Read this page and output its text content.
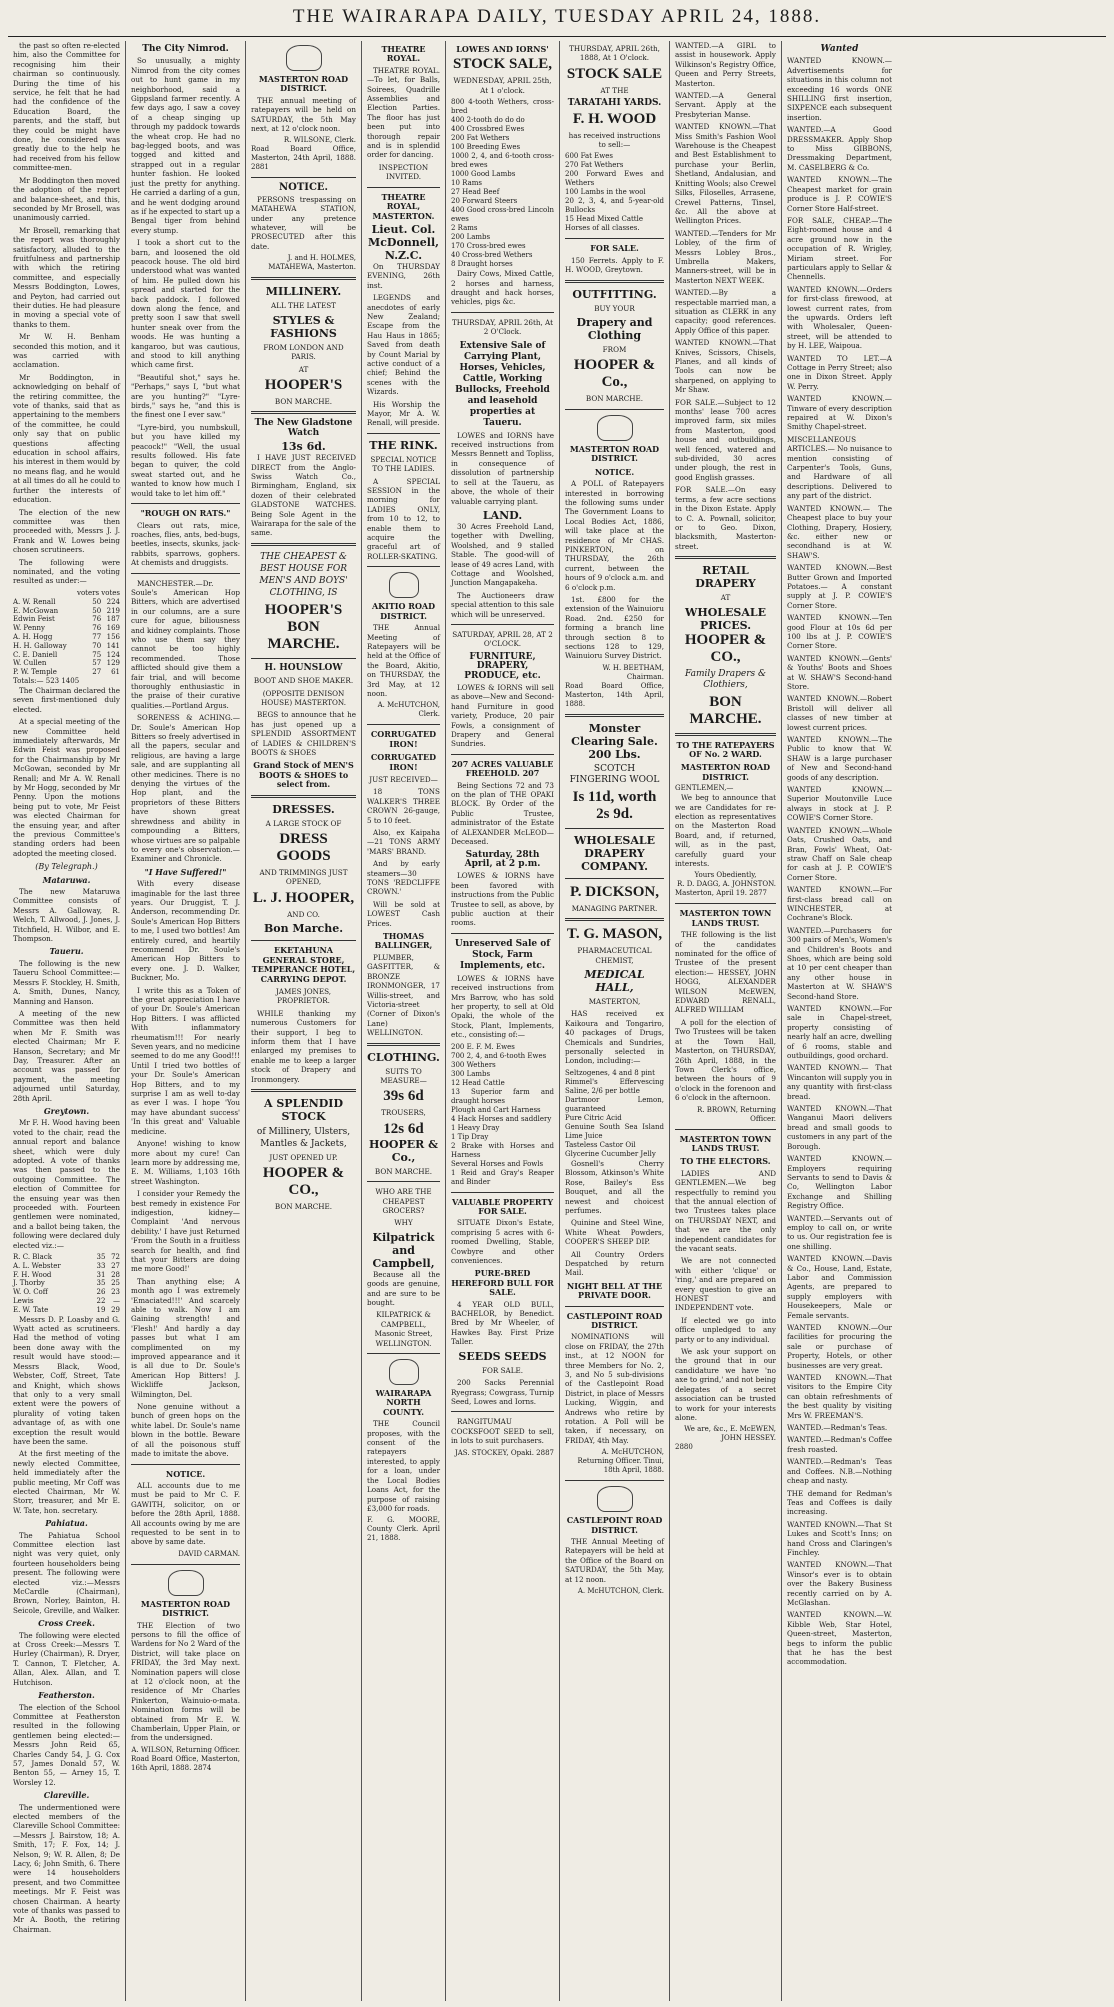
THE WAIRARAPA DAILY, TUESDAY APRIL 24, 1888.

the past so often re-elected him, also the Committee for recognising him their chairman so continuously. During the time of his service, he felt that he had had the confidence of the Education Board, the parents, and the staff, but they could be might have done, he considered was greatly due to the help he had received from his fellow committee-men.

Mr Boddington then moved the adoption of the report and balance-sheet, and this, seconded by Mr Brosell, was unanimously carried.

Mr Brosell, remarking that the report was thoroughly satisfactory, alluded to the fruitfulness and partnership with which the retiring committee, and especially Messrs Boddington, Lowes, and Peyton, had carried out their duties. He had pleasure in moving a special vote of thanks to them.

Mr W. H. Benham seconded this motion, and it was carried with acclamation.

Mr Boddington, in acknowledging on behalf of the retiring committee, the vote of thanks, said that as appertaining to the members of the committee, he could only say that on public questions affecting education in school affairs, his interest in them would by no means flag, and he would at all times do all he could to further the interests of education.

The election of the new committee was then proceeded with, Messrs J. J. Frank and W. Lowes being chosen scrutineers.

The following were nominated, and the voting resulted as under:—

voters votes
A. W. Renall	50	224
E. McGowan	50	219
Edwin Feist	76	187
W. Penny	76	169
A. H. Hogg	77	156
H. H. Galloway	70	141
C. E. Daniell	75	124
W. Cullen	57	129
P. W. Temple	27	61
Totals:— 523 1405

The Chairman declared the seven first-mentioned duly elected.

At a special meeting of the new Committee held immediately afterwards, Mr Edwin Feist was proposed for the Chairmanship by Mr McGowan, seconded by Mr Renall; and Mr A. W. Renall by Mr Hogg, seconded by Mr Penny. Upon the motions being put to vote, Mr Feist was elected Chairman for the ensuing year, and after the previous Committee's standing orders had been adopted the meeting closed.

(By Telegraph.)
Mataruwa.

The new Mataruwa Committee consists of Messrs A. Galloway, R. Welch, T. Allwood, J. Jones, J. Titchfield, H. Wilbor, and E. Thompson.

Taueru.

The following is the new Taueru School Committee:—Messrs F. Stockley, H. Smith, A. Smith, Dunes, Nancy, Manning and Hanson.

A meeting of the new Committee was then held when Mr F. Smith was elected Chairman; Mr F. Hanson, Secretary; and Mr Day, Treasurer. After an account was passed for payment, the meeting adjourned until Saturday, 28th April.

Greytown.

Mr F. H. Wood having been voted to the chair, read the annual report and balance sheet, which were duly adopted. A vote of thanks was then passed to the outgoing Committee. The election of Committee for the ensuing year was then proceeded with. Fourteen gentlemen were nominated, and a ballot being taken, the following were declared duly elected viz.:—

R. C. Black	35	72
A. L. Webster	33	27
F. H. Wood	31	28
J. Thorby	35	25
W. O. Coff	26	23
Lewis	22	—
E. W. Tate	19	29

Messrs D. P. Loasby and G. Wyatt acted as scrutineers. Had the method of voting been done away with the result would have stood:—Messrs Black, Wood, Webster, Coff, Street, Tate and Knight, which shows that only to a very small extent were the powers of plurality of voting taken advantage of, as with one exception the result would have been the same.

At the first meeting of the newly elected Committee, held immediately after the public meeting, Mr Coff was elected Chairman, Mr W. Storr, treasurer, and Mr E. W. Tate, hon. secretary.

Pahiatua.

The Pahiatua School Committee election last night was very quiet, only fourteen householders being present. The following were elected viz.:—Messrs McCardle (Chairman), Brown, Norley, Bainton, H. Seicole, Greville, and Walker.

Cross Creek.

The following were elected at Cross Creek:—Messrs T. Hurley (Chairman), R. Dryer, T. Cannon, T. Fletcher, A. Allan, Alex. Allan, and T. Hutchison.

Featherston.

The election of the School Committee at Featherston resulted in the following gentlemen being elected:—Messrs John Reid 65, Charles Candy 54, J. G. Cox 57, James Donald 57, W. Benton 55, — Arney 15, T. Worsley 12.

Clareville.

The undermentioned were elected members of the Clareville School Committee:—Messrs J. Bairstow, 18; A. Smith, 17; F. Fox, 14; J. Nelson, 9; W. R. Allen, 8; De Lacy, 6; John Smith, 6. There were 14 householders present, and two Committee meetings. Mr F. Feist was chosen Chairman. A hearty vote of thanks was passed to Mr A. Booth, the retiring Chairman.

The City Nimrod.

So unusually, a mighty Nimrod from the city comes out to hunt game in my neighborhood, said a Gippsland farmer recently. A few days ago, I saw a covey of a cheap singing up through my paddock towards the wheat crop. He had no bag-legged boots, and was togged and kitted and strapped out in a regular hunter fashion. He looked just the pretty for anything. He carried a darling of a gun, and he went dodging around as if he expected to start up a Bengal tiger from behind every stump.

I took a short cut to the barn, and loosened the old peacock house. The old bird understood what was wanted of him. He pulled down his spread and started for the back paddock. I followed down along the fence, and pretty soon I saw that swell hunter sneak over from the woods. He was hunting a kangaroo, but was cautious, and stood to kill anything which came first.

"Beautiful shot," says he. "Perhaps," says I, "but what are you hunting?" "Lyre-birds," says he, "and this is the finest one I ever saw."

"Lyre-bird, you numbskull, but you have killed my peacock!" "Well, the usual results followed. His fate began to quiver, the cold sweat started out, and he wanted to know how much I would take to let him off."

"ROUGH ON RATS."

Clears out rats, mice, roaches, flies, ants, bed-bugs, beetles, insects, skunks, jack-rabbits, sparrows, gophers. At chemists and druggists.

MANCHESTER.—Dr. Soule's American Hop Bitters, which are advertised in our columns, are a sure cure for ague, biliousness and kidney complaints. Those who use them say they cannot be too highly recommended. Those afflicted should give them a fair trial, and will become thoroughly enthusiastic in the praise of their curative qualities.—Portland Argus.

SORENESS & ACHING.—Dr. Soule's American Hop Bitters so freely advertised in all the papers, secular and religious, are having a large sale, and are supplanting all other medicines. There is no denying the virtues of the Hop plant, and the proprietors of these Bitters have shown great shrewdness and ability in compounding a Bitters, whose virtues are so palpable to every one's observation.—Examiner and Chronicle.

"I Have Suffered!"

With every disease imaginable for the last three years. Our Druggist, T. J. Anderson, recommending Dr. Soule's American Hop Bitters to me, I used two bottles! Am entirely cured, and heartily recommend Dr. Soule's American Hop Bitters to every one. J. D. Walker, Buckner, Mo.

I write this as a Token of the great appreciation I have of your Dr. Soule's American Hop Bitters. I was afflicted With inflammatory rheumatism!!! For nearly Seven years, and no medicine seemed to do me any Good!!! Until I tried two bottles of your Dr. Soule's American Hop Bitters, and to my surprise I am as well to-day as ever I was. I hope 'You may have abundant success' 'In this great and' Valuable medicine.

Anyone! wishing to know more about my cure! Can learn more by addressing me, E. M. Williams, 1,103 16th street Washington.

I consider your Remedy the best remedy in existence For indigestion, kidney—Complaint 'And nervous debility.' I have just Returned 'From the South in a fruitless search for health, and find that your Bitters are doing me more Good!'

Than anything else; A month ago I was extremely 'Emaciated!!!' And scarcely able to walk. Now I am Gaining strength! and 'Flesh!' And hardly a day passes but what I am complimented on my improved appearance and it is all due to Dr. Soule's American Hop Bitters! J. Wickliffe Jackson, Wilmington, Del.

None genuine without a bunch of green hops on the white label. Dr. Soule's name blown in the bottle. Beware of all the poisonous stuff made to imitate the above.

NOTICE.

ALL accounts due to me must be paid to Mr C. F. GAWITH, solicitor, on or before the 28th April, 1888. All accounts owing by me are requested to be sent in to above by same date.

DAVID CARMAN.
MASTERTON ROAD DISTRICT.

THE Election of two persons to fill the office of Wardens for No 2 Ward of the District, will take place on FRIDAY, the 3rd May next. Nomination papers will close at 12 o'clock noon, at the residence of Mr Charles Pinkerton, Wainuio-o-mata. Nomination forms will be obtained from Mr E. W. Chamberlain, Upper Plain, or from the undersigned.

A. WILSON, Returning Officer.
Road Board Office, Masterton, 16th April, 1888. 2874
MASTERTON ROAD DISTRICT.

THE annual meeting of ratepayers will be held on SATURDAY, the 5th May next, at 12 o'clock noon.

R. WILSONE, Clerk.
Road Board Office, Masterton, 24th April, 1888. 2881
NOTICE.

PERSONS trespassing on MATAHEWA STATION, under any pretence whatever, will be PROSECUTED after this date.

J. and H. HOLMES, MATAHEWA, Masterton.
MILLINERY.
ALL THE LATEST
STYLES & FASHIONS
FROM LONDON AND PARIS.
AT
HOOPER'S
BON MARCHE.
The New Gladstone Watch
13s 6d.

I HAVE JUST RECEIVED DIRECT from the Anglo-Swiss Watch Co., Birmingham, England, six dozen of their celebrated GLADSTONE WATCHES. Being Sole Agent in the Wairarapa for the sale of the same.

THE CHEAPEST & BEST HOUSE FOR MEN'S AND BOYS' CLOTHING, IS
HOOPER'S BON MARCHE.
H. HOUNSLOW
BOOT AND SHOE MAKER.
(OPPOSITE DENISON HOUSE) MASTERTON.

BEGS to announce that he has just opened up a SPLENDID ASSORTMENT of LADIES & CHILDREN'S BOOTS & SHOES

Grand Stock of MEN'S BOOTS & SHOES to select from.
DRESSES.
A LARGE STOCK OF
DRESS GOODS
AND TRIMMINGS JUST OPENED,
L. J. HOOPER,
AND CO.
Bon Marche.
EKETAHUNA GENERAL STORE, TEMPERANCE HOTEL, CARRYING DEPOT.
JAMES JONES, PROPRIETOR.

WHILE thanking my numerous Customers for their support, I beg to inform them that I have enlarged my premises to enable me to keep a larger stock of Drapery and Ironmongery.

A SPLENDID STOCK
of Millinery, Ulsters, Mantles & Jackets,
JUST OPENED UP.
HOOPER & CO.,
BON MARCHE.
THEATRE ROYAL.

THEATRE ROYAL.—To let, for Balls, Soirees, Quadrille Assemblies and Election Parties. The floor has just been put into thorough repair and is in splendid order for dancing.

INSPECTION INVITED.
THEATRE ROYAL, MASTERTON.
Lieut. Col. McDonnell, N.Z.C.

On THURSDAY EVENING, 26th inst.

LEGENDS and anecdotes of early New Zealand; Escape from the Hau Haus in 1865; Saved from death by Count Marial by active conduct of a chief; Behind the scenes with the Wizards.

His Worship the Mayor, Mr A. W. Renall, will preside.

THE RINK.
SPECIAL NOTICE TO THE LADIES.

A SPECIAL SESSION in the morning for LADIES ONLY, from 10 to 12, to enable them to acquire the graceful art of ROLLER-SKATING.

AKITIO ROAD DISTRICT.

THE Annual Meeting of Ratepayers will be held at the Office of the Board, Akitio, on THURSDAY, the 3rd May, at 12 noon.

A. McHUTCHON, Clerk.
CORRUGATED IRON!
CORRUGATED IRON!
JUST RECEIVED—

18 TONS WALKER'S THREE CROWN 26-gauge, 5 to 10 feet.

Also, ex Kaipaha—21 TONS ARMY 'MARS' BRAND.

And by early steamers—30 TONS 'REDCLIFFE CROWN.'

Will be sold at LOWEST Cash Prices.

THOMAS BALLINGER,

PLUMBER, GASFITTER, & BRONZE IRONMONGER, 17 Willis-street, and Victoria-street (Corner of Dixon's Lane) WELLINGTON.

CLOTHING.
SUITS TO MEASURE—
39s 6d
TROUSERS,
12s 6d
HOOPER & Co.,
BON MARCHE.
WHO ARE THE CHEAPEST GROCERS?
WHY
Kilpatrick and Campbell,

Because all the goods are genuine, and are sure to be bought.

KILPATRICK & CAMPBELL, Masonic Street, WELLINGTON.
WAIRARAPA NORTH COUNTY.

THE Council proposes, with the consent of the ratepayers interested, to apply for a loan, under the Local Bodies Loans Act, for the purpose of raising £3,000 for roads.

F. G. MOORE, County Clerk. April 21, 1888.
LOWES AND IORNS'
STOCK SALE,
WEDNESDAY, APRIL 25th, At 1 o'clock.
800 4-tooth Wethers, cross-bred
400 2-tooth do do do
400 Crossbred Ewes
200 Fat Wethers
100 Breeding Ewes
1000 2, 4, and 6-tooth cross-bred ewes
1000 Good Lambs
10 Rams
27 Head Beef
20 Forward Steers
400 Good cross-bred Lincoln ewes
2 Rams
200 Lambs
170 Cross-bred ewes
40 Cross-bred Wethers
8 Draught horses

Dairy Cows, Mixed Cattle, 2 horses and harness, draught and hack horses, vehicles, pigs &c.

THURSDAY, APRIL 26th, At 2 O'Clock.
Extensive Sale of Carrying Plant, Horses, Vehicles, Cattle, Working Bullocks, Freehold and leasehold properties at Taueru.

LOWES and IORNS have received instructions from Messrs Bennett and Topliss, in consequence of dissolution of partnership to sell at the Taueru, as above, the whole of their valuable carrying plant.

LAND.

30 Acres Freehold Land, together with Dwelling, Woolshed, and 9 stalled Stable. The good-will of lease of 49 acres Land, with Cottage and Woolshed, Junction Mangapakeha.

The Auctioneers draw special attention to this sale which will be unreserved.

SATURDAY, APRIL 28, AT 2 O'CLOCK.
FURNITURE, DRAPERY, PRODUCE, etc.

LOWES & IORNS will sell as above—New and Second-hand Furniture in good variety, Produce, 20 pair Fowls, a consignment of Drapery and General Sundries.

207 ACRES VALUABLE FREEHOLD. 207

Being Sections 72 and 73 on the plan of THE OPAKI BLOCK. By Order of the Public Trustee, administrator of the Estate of ALEXANDER McLEOD—Deceased.

Saturday, 28th April, at 2 p.m.

LOWES & IORNS have been favored with instructions from the Public Trustee to sell, as above, by public auction at their rooms.

Unreserved Sale of Stock, Farm Implements, etc.

LOWES & IORNS have received instructions from Mrs Barrow, who has sold her property, to sell at Old Opaki, the whole of the Stock, Plant, Implements, etc., consisting of:—

200 E. F. M. Ewes
700 2, 4, and 6-tooth Ewes
300 Wethers
300 Lambs
12 Head Cattle
13 Superior farm and draught horses
Plough and Cart Harness
4 Hack Horses and saddlery
1 Heavy Dray
1 Tip Dray
2 Brake with Horses and Harness
Several Horses and Fowls
1 Reid and Gray's Reaper and Binder
VALUABLE PROPERTY FOR SALE.

SITUATE Dixon's Estate, comprising 5 acres with 6-roomed Dwelling, Stable, Cowbyre and other conveniences.

PURE-BRED HEREFORD BULL FOR SALE.

4 YEAR OLD BULL, BACHELOR, by Benedict. Bred by Mr Wheeler, of Hawkes Bay. First Prize Taller.

SEEDS SEEDS
FOR SALE.

200 Sacks Perennial Ryegrass; Cowgrass, Turnip Seed, Lowes and Iorns.

RANGITUMAU COCKSFOOT SEED to sell, in lots to suit purchasers.

JAS. STOCKEY, Opaki. 2887
THURSDAY, APRIL 26th, 1888, At 1 O'clock.
STOCK SALE
AT THE
TARATAHI YARDS.
F. H. WOOD
has received instructions to sell:—
600 Fat Ewes
270 Fat Wethers
200 Forward Ewes and Wethers
100 Lambs in the wool
20 2, 3, 4, and 5-year-old Bullocks
15 Head Mixed Cattle
Horses of all classes.
FOR SALE.

150 Ferrets. Apply to F. H. WOOD, Greytown.

OUTFITTING.
BUY YOUR
Drapery and Clothing
FROM
HOOPER & Co.,
BON MARCHE.
MASTERTON ROAD DISTRICT.
NOTICE.

A POLL of Ratepayers interested in borrowing the following sums under The Government Loans to Local Bodies Act, 1886, will take place at the residence of Mr CHAS. PINKERTON, on THURSDAY, the 26th current, between the hours of 9 o'clock a.m. and 6 o'clock p.m.

1st. £800 for the extension of the Wainuioru Road. 2nd. £250 for forming a branch line through section 8 to sections 128 to 129, Wainuioru Survey District.

W. H. BEETHAM, Chairman.
Road Board Office, Masterton, 14th April, 1888.
Monster Clearing Sale.
200 Lbs.
SCOTCH FINGERING WOOL
Is 11d, worth 2s 9d.
WHOLESALE DRAPERY COMPANY.
P. DICKSON,
MANAGING PARTNER.
T. G. MASON,
PHARMACEUTICAL CHEMIST,
MEDICAL HALL,
MASTERTON,

HAS received ex Kaikoura and Tongariro, 40 packages of Drugs, Chemicals and Sundries, personally selected in London, including:—

Seltzogenes, 4 and 8 pint
Rimmel's Effervescing Saline, 2/6 per bottle
Dartmoor Lemon, guaranteed
Pure Citric Acid
Genuine South Sea Island Lime Juice
Tasteless Castor Oil
Glycerine Cucumber Jelly

Gosnell's Cherry Blossom, Atkinson's White Rose, Bailey's Ess Bouquet, and all the newest and choicest perfumes.

Quinine and Steel Wine, White Wheat Powders, COOPER'S SHEEP DIP.

All Country Orders Despatched by return Mail.

NIGHT BELL AT THE PRIVATE DOOR.
CASTLEPOINT ROAD DISTRICT.

NOMINATIONS will close on FRIDAY, the 27th inst., at 12 NOON for three Members for No. 2, 3, and No 5 sub-divisions of the Castlepoint Road District, in place of Messrs Lucking, Wiggin, and Andrews who retire by rotation. A Poll will be taken, if necessary, on FRIDAY, 4th May.

A. McHUTCHON, Returning Officer. Tinui, 18th April, 1888.
CASTLEPOINT ROAD DISTRICT.

THE Annual Meeting of Ratepayers will be held at the Office of the Board on SATURDAY, the 5th May, at 12 noon.

A. McHUTCHON, Clerk.

WANTED.—A GIRL to assist in housework. Apply Wilkinson's Registry Office, Queen and Perry Streets, Masterton.

WANTED.—A General Servant. Apply at the Presbyterian Manse.

WANTED KNOWN.—That Miss Smith's Fashion Wool Warehouse is the Cheapest and Best Establishment to purchase your Berlin, Shetland, Andalusian, and Knitting Wools; also Crewel Silks, Filoselles, Arrasene, Crewel Patterns, Tinsel, &c. All the above at Wellington Prices.

WANTED.—Tenders for Mr Lobley, of the firm of Messrs Lobley Bros., Umbrella Makers, Manners-street, will be in Masterton NEXT WEEK.

WANTED.—By a respectable married man, a situation as CLERK in any capacity; good references. Apply Office of this paper.

WANTED KNOWN.—That Knives, Scissors, Chisels, Planes, and all kinds of Tools can now be sharpened, on applying to Mr Shaw.

FOR SALE.—Subject to 12 months' lease 700 acres improved farm, six miles from Masterton, good house and outbuildings, well fenced, watered and sub-divided, 30 acres under plough, the rest in good English grasses.

FOR SALE.—On easy terms, a few acre sections in the Dixon Estate. Apply to C. A. Pownall, solicitor, or to Geo. Dixon, blacksmith, Masterton-street.

RETAIL DRAPERY
AT
WHOLESALE PRICES.
HOOPER & CO.,
Family Drapers & Clothiers,
BON MARCHE.
TO THE RATEPAYERS OF No. 2 WARD.
MASTERTON ROAD DISTRICT.
GENTLEMEN,—

We beg to announce that we are Candidates for re-election as representatives on the Masterton Road Board, and, if returned, will, as in the past, carefully guard your interests.

Yours Obediently,
R. D. DAGG, A. JOHNSTON.
Masterton, April 19. 2877
MASTERTON TOWN LANDS TRUST.

THE following is the list of the candidates nominated for the office of Trustee of the present election:— HESSEY, JOHN HOGG, ALEXANDER WILSON McEWEN, EDWARD RENALL, ALFRED WILLIAM

A poll for the election of Two Trustees will be taken at the Town Hall, Masterton, on THURSDAY, 26th April, 1888, in the Town Clerk's office, between the hours of 9 o'clock in the forenoon and 6 o'clock in the afternoon.

R. BROWN, Returning Officer.
MASTERTON TOWN LANDS TRUST.
TO THE ELECTORS.

LADIES AND GENTLEMEN.—We beg respectfully to remind you that the annual election of two Trustees takes place on THURSDAY NEXT, and that we are the only independent candidates for the vacant seats.

We are not connected with either 'clique' or 'ring,' and are prepared on every question to give an HONEST and INDEPENDENT vote.

If elected we go into office unpledged to any party or to any individual.

We ask your support on the ground that in our candidature we have 'no axe to grind,' and not being delegates of a secret association can be trusted to work for your interests alone.

We are, &c., E. McEWEN, JOHN HESSEY.
2880
Wanted

WANTED KNOWN.—Advertisements for situations in this column not exceeding 16 words ONE SHILLING first insertion, SIXPENCE each subsequent insertion.

WANTED.—A Good DRESSMAKER. Apply Shop to Miss GIBBONS, Dressmaking Department, M. CASELBERG & Co.

WANTED KNOWN.—The Cheapest market for grain produce is J. P. COWIE'S Corner Store Half-street.

FOR SALE, CHEAP.—The Eight-roomed house and 4 acre ground now in the occupation of R. Wrigley, Miriam street. For particulars apply to Sellar & Chennells.

WANTED KNOWN.—Orders for first-class firewood, at lowest current rates, from the upwards. Orders left with Wholesaler, Queen-street, will be attended to by H. LEE, Waipoua.

WANTED TO LET.—A Cottage in Perry Street; also one in Dixon Street. Apply W. Perry.

WANTED KNOWN.—Tinware of every description repaired at W. Dixon's Smithy Chapel-street.

MISCELLANEOUS ARTICLES.— No nuisance to mention consisting of Carpenter's Tools, Guns, and Hardware of all descriptions. Delivered to any part of the district.

WANTED KNOWN.— The Cheapest place to buy your Clothing, Drapery, Hosiery, &c. either new or secondhand is at W. SHAW'S.

WANTED KNOWN.—Best Butter Grown and Imported Potatoes.— A constant supply at J. P. COWIE'S Corner Store.

WANTED KNOWN.—Ten good Flour at 10s 6d per 100 lbs at J. P. COWIE'S Corner Store.

WANTED KNOWN.—Gents' & Youths' Boots and Shoes at W. SHAW'S Second-hand Store.

WANTED KNOWN.—Robert Bristoll will deliver all classes of new timber at lowest current prices.

WANTED KNOWN.—The Public to know that W. SHAW is a large purchaser of New and Second-hand goods of any description.

WANTED KNOWN.— Superior Moutonville Luce always in stock at J. P. COWIE'S Corner Store.

WANTED KNOWN.—Whole Oats, Crushed Oats, and Bran, Fowls' Wheat, Oat-straw Chaff on Sale cheap for cash at J. P. COWIE'S Corner Store.

WANTED KNOWN.—For first-class bread call on WINCHESTER, at Cochrane's Block.

WANTED.—Purchasers for 300 pairs of Men's, Women's and Children's Boots and Shoes, which are being sold at 10 per cent cheaper than any other house in Masterton at W. SHAW'S Second-hand Store.

WANTED KNOWN.—For sale in Chapel-street, property consisting of nearly half an acre, dwelling of 6 rooms, stable and outbuildings, good orchard.

WANTED KNOWN.— That Wincanton will supply you in any quantity with first-class bread.

WANTED KNOWN.—That Wanganui Maori delivers bread and small goods to customers in any part of the Borough.

WANTED KNOWN.—Employers requiring Servants to send to Davis & Co, Wellington Labor Exchange and Shilling Registry Office.

WANTED.—Servants out of employ to call on, or write to us. Our registration fee is one shilling.

WANTED KNOWN.—Davis & Co., House, Land, Estate, Labor and Commission Agents, are prepared to supply employers with Housekeepers, Male or Female servants.

WANTED KNOWN.—Our facilities for procuring the sale or purchase of Property, Hotels, or other businesses are very great.

WANTED KNOWN.—That visitors to the Empire City can obtain refreshments of the best quality by visiting Mrs W. FREEMAN'S.

WANTED.—Redman's Teas.

WANTED.—Redman's Coffee fresh roasted.

WANTED.—Redman's Teas and Coffees. N.B.—Nothing cheap and nasty.

THE demand for Redman's Teas and Coffees is daily increasing.

WANTED KNOWN.—That St Lukes and Scott's Inns; on hand Cross and Claringen's Finchley.

WANTED KNOWN.—That Winsor's ever is to obtain over the Bakery Business recently carried on by A. McGlashan.

WANTED KNOWN.—W. Kibble Web, Star Hotel, Queen-street, Masterton, begs to inform the public that he has the best accommodation.
